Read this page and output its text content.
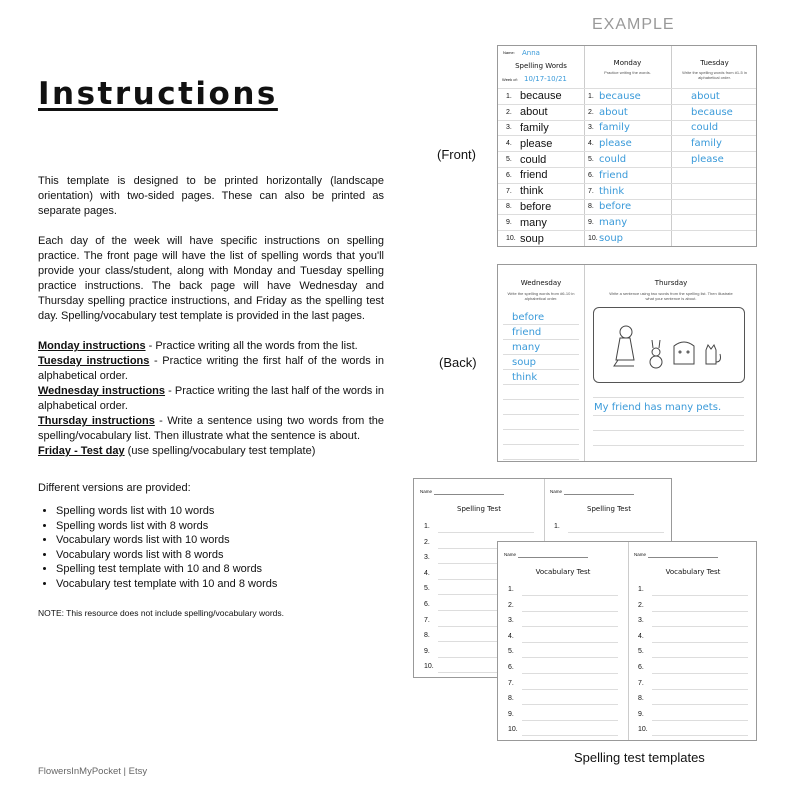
Instructions

This template is designed to be printed horizontally (landscape orientation) with two-sided pages. These can also be printed as separate pages.

Each day of the week will have specific instructions on spelling practice. The front page will have the list of spelling words that you'll provide your class/student, along with Monday and Tuesday spelling practice instructions. The back page will have Wednesday and Thursday spelling practice instructions, and Friday as the spelling test day. Spelling/vocabulary test template is provided in the last pages.

Monday instructions - Practice writing all the words from the list.
Tuesday instructions - Practice writing the first half of the words in alphabetical order.
Wednesday instructions - Practice writing the last half of the words in alphabetical order.
Thursday instructions - Write a sentence using two words from the spelling/vocabulary list. Then illustrate what the sentence is about.
Friday - Test day (use spelling/vocabulary test template)

Different versions are provided:
• Spelling words list with 10 words
• Spelling words list with 8 words
• Vocabulary words list with 10 words
• Vocabulary words list with 8 words
• Spelling test template with 10 and 8 words
• Vocabulary test template with 10 and 8 words
NOTE: This resource does not include spelling/vocabulary words.
FlowersInMyPocket | Etsy
EXAMPLE
(Front)
(Back)
Spelling test templates
Name: Anna
Spelling Words
Week of: 10/17-10/21
Monday
Practice writing the words.
Tuesday
Write the spelling words from #1-5 in alphabetical order.
1. because	1. because	about
2. about	2. about	because
3. family	3. family	could
4. please	4. please	family
5. could	5. could	please
6. friend	6. friend
7. think	7. think
8. before	8. before
9. many	9. many
10. soup	10. soup
Wednesday
Write the spelling words from #6-10 in alphabetical order.
Thursday
Write a sentence using two words from the spelling list. Then illustrate what your sentence is about.
before
friend
many
soup
think
My friend has many pets.
Name
Spelling Test
1.
2.
3.
4.
5.
6.
7.
8.
9.
10.
Name
Spelling Test
1.
Name
Vocabulary Test
1.
2.
3.
4.
5.
6.
7.
8.
9.
10.
Name
Vocabulary Test
1.
2.
3.
4.
5.
6.
7.
8.
9.
10.
